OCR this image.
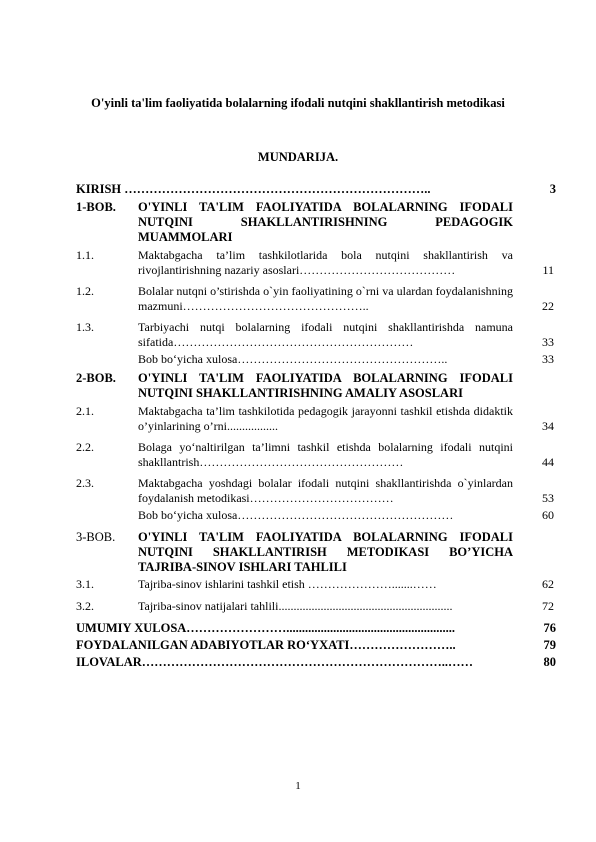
O'yinli ta'lim faoliyatida bolalarning ifodali nutqini shakllantirish metodikasi
MUNDARIJA.
KIRISH ………………………………………………………………..	3
1-BOB. O'YINLI TA'LIM FAOLIYATIDA BOLALARNING IFODALI NUTQINI SHAKLLANTIRISHNING PEDAGOGIK MUAMMOLARI
1.1.	Maktabgacha ta’lim tashkilotlarida bola nutqini shakllantirish va rivojlantirishning nazariy asoslari…………………………………	11
1.2.	Bolalar nutqni o’stirishda o`yin faoliyatining o`rni va ulardan foydalanishning mazmuni………………………………………..	22
1.3.	Tarbiyachi nutqi bolalarning ifodali nutqini shakllantirishda namuna sifatida……………………………………………………	33
Bob bo‘yicha xulosa……………………………………………..	33
2-BOB. O'YINLI TA'LIM FAOLIYATIDA BOLALARNING IFODALI NUTQINI SHAKLLANTIRISHNING AMALIY ASOSLARI
2.1.	Maktabgacha ta’lim tashkilotida pedagogik jarayonni tashkil etishda didaktik o’yinlarining o’rni.................	34
2.2.	Bolaga yo‘naltirilgan ta’limni tashkil etishda bolalarning ifodali nutqini shakllantrish……………………………………………	44
2.3.	Maktabgacha yoshdagi bolalar ifodali nutqini shakllantirishda o`yinlardan foydalanish metodikasi………………………………	53
Bob bo‘yicha xulosa………………………………………………	60
3-BOB. O'YINLI TA'LIM FAOLIYATIDA BOLALARNING IFODALI NUTQINI SHAKLLANTIRISH METODIKASI BO’YICHA TAJRIBA-SINOV ISHLARI TAHLILI
3.1.	Tajriba-sinov ishlarini tashkil etish ………………….......……	62
3.2.	Tajriba-sinov natijalari tahlili..........................................................	72
UMUMIY XULOSA……………………......................................................	76
FOYDALANILGAN ADABIYOTLAR RO‘YXATI……………………..	79
ILOVALAR………………………………………………………………..……	80
1
